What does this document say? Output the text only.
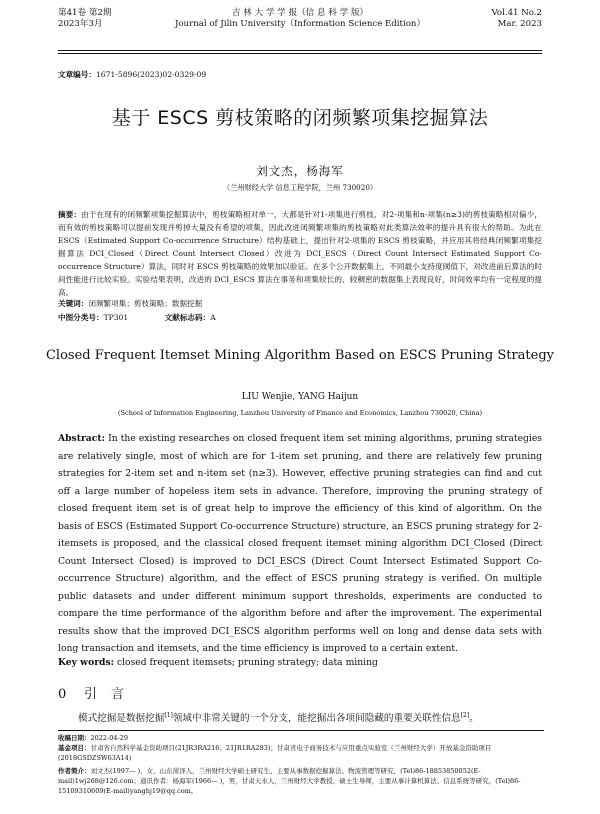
第41卷 第2期
2023年3月
吉 林 大 学 学 报（信 息 科 学 版）
Journal of Jilin University（Information Science Edition）
Vol.41 No.2
Mar. 2023
文章编号：1671-5896(2023)02-0329-09
基于 ESCS 剪枝策略的闭频繁项集挖掘算法
刘文杰，杨海军
（兰州财经大学 信息工程学院，兰州 730020）
摘要：由于在现有的闭频繁项集挖掘算法中，剪枝策略相对单一，大都是针对1-项集进行剪枝，对2-项集和n-项集(n≥3)的剪枝策略相对偏少，而有效的剪枝策略可以提前发现并剪掉大量没有希望的项集，因此改进闭频繁项集的剪枝策略对此类算法效率的提升具有很大的帮助。为此在 ESCS（Estimated Support Co-occurrence Structure）结构基础上，提出针对2-项集的 ESCS 剪枝策略，并应用其将经典闭频繁项集挖掘算法 DCI_Closed（Direct Count Intersect Closed）改进为 DCI_ESCS（Direct Count Intersect Estimated Support Co-occurrence Structure）算法，同时对 ESCS 剪枝策略的效果加以验证。在多个公开数据集上，不同最小支持度阈值下，对改进前后算法的时间性能进行比较实验。实验结果表明，改进的 DCI_ESCS 算法在事务和项集较长的、较稠密的数据集上表现良好，时间效率均有一定程度的提高。
关键词：闭频繁项集；剪枝策略；数据挖掘
中图分类号：TP301	文献标志码：A
Closed Frequent Itemset Mining Algorithm Based on ESCS Pruning Strategy
LIU Wenjie, YANG Haijun
(School of Information Engineering, Lanzhou University of Finance and Economics, Lanzhou 730020, China)
Abstract: In the existing researches on closed frequent item set mining algorithms, pruning strategies are relatively single, most of which are for 1-item set pruning, and there are relatively few pruning strategies for 2-item set and n-item set (n≥3). However, effective pruning strategies can find and cut off a large number of hopeless item sets in advance. Therefore, improving the pruning strategy of closed frequent item set is of great help to improve the efficiency of this kind of algorithm. On the basis of ESCS (Estimated Support Co-occurrence Structure) structure, an ESCS pruning strategy for 2-itemsets is proposed, and the classical closed frequent itemset mining algorithm DCI_Closed (Direct Count Intersect Closed) is improved to DCI_ESCS (Direct Count Intersect Estimated Support Co-occurrence Structure) algorithm, and the effect of ESCS pruning strategy is verified. On multiple public datasets and under different minimum support thresholds, experiments are conducted to compare the time performance of the algorithm before and after the improvement. The experimental results show that the improved DCI_ESCS algorithm performs well on long and dense data sets with long transaction and itemsets, and the time efficiency is improved to a certain extent.
Key words: closed frequent itemsets; pruning strategy; data mining
0 引言
模式挖掘是数据挖掘[1]领域中非常关键的一个分支，能挖掘出各项间隐藏的重要关联性信息[2]。
收稿日期：2022-04-29
基金项目：甘肃省自然科学基金资助项目(21JR3RA216；21JR1RA283)；甘肃省电子商务技术与应用重点实验室（兰州财经大学）开放基金资助项目(2018GSDZSW63A14)
作者简介：刘文杰(1997— )，女，山东菏泽人，兰州财经大学硕士研究生，主要从事数据挖掘算法、物流管理等研究，(Tel)86-18853850052(E-mail)1wj268@126.com；通讯作者：杨海军(1966— )，男，甘肃天水人，兰州财经大学教授，硕士生导师，主要从事计算机算法、信息系统等研究，(Tel)86-15109310609(E-mail)yanghj19@qq.com。
